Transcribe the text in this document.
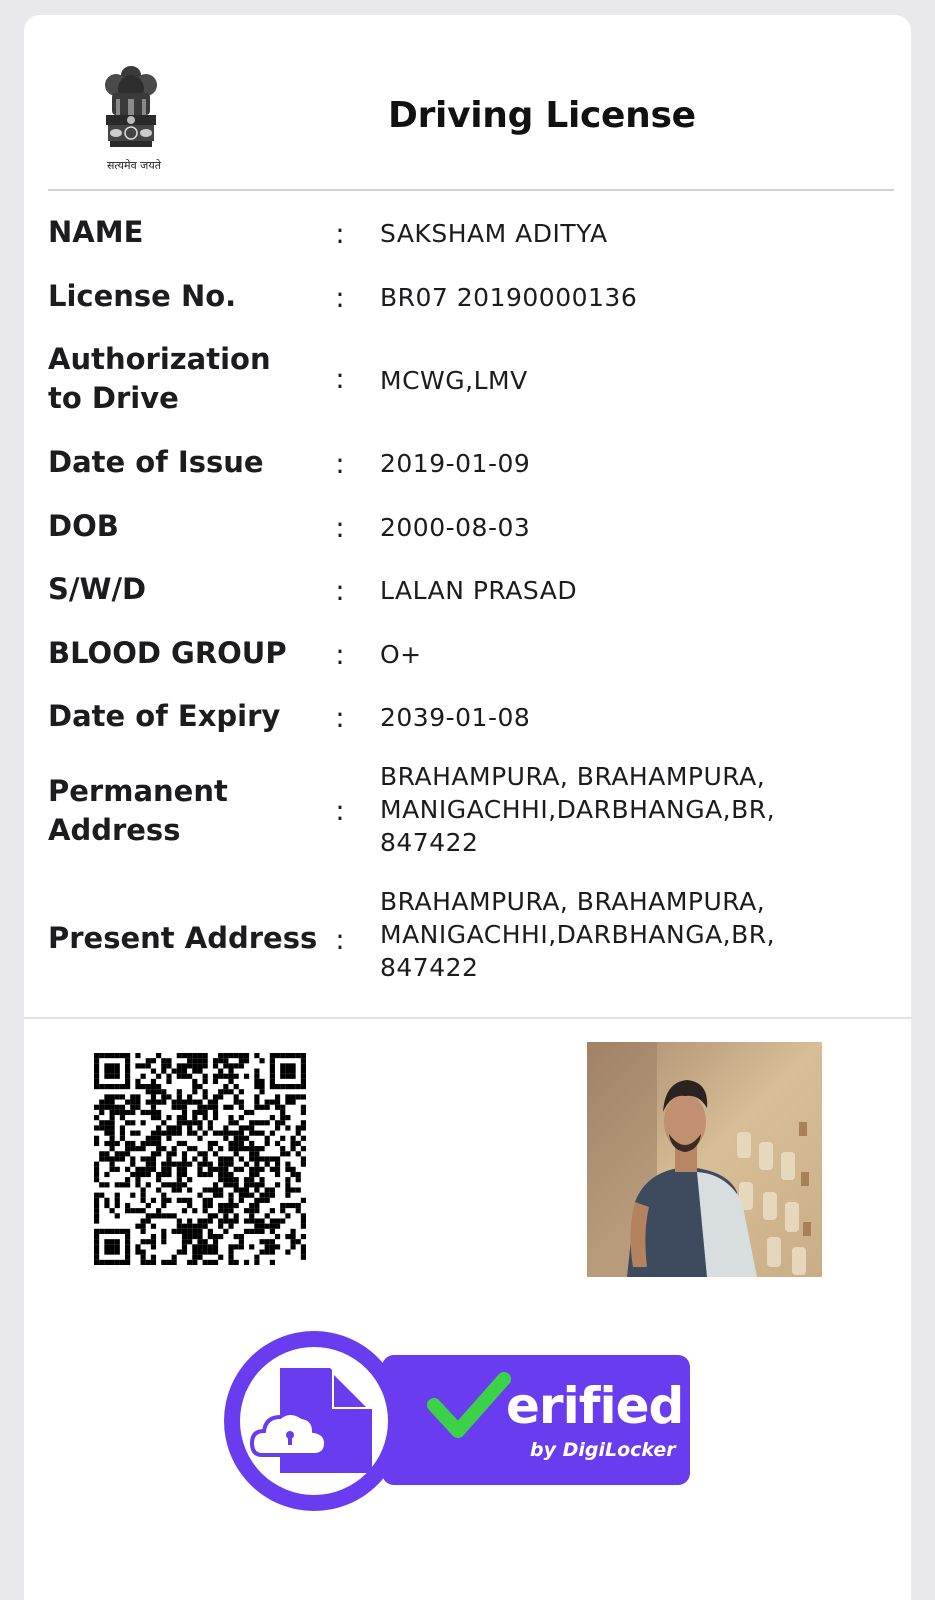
सत्यमेव जयते
Driving License
NAME	: SAKSHAM ADITYA
License No.	: BR07 20190000136
Authorization to Drive
: MCWG,LMV
Date of Issue	: 2019-01-09
DOB	: 2000-08-03
S/W/D	: LALAN PRASAD
BLOOD GROUP	: O+
Date of Expiry	: 2039-01-08
Permanent Address
:
BRAHAMPURA, BRAHAMPURA, MANIGACHHI,DARBHANGA,BR, 847422
Present Address :
BRAHAMPURA, BRAHAMPURA, MANIGACHHI,DARBHANGA,BR, 847422
erified
by DigiLocker
